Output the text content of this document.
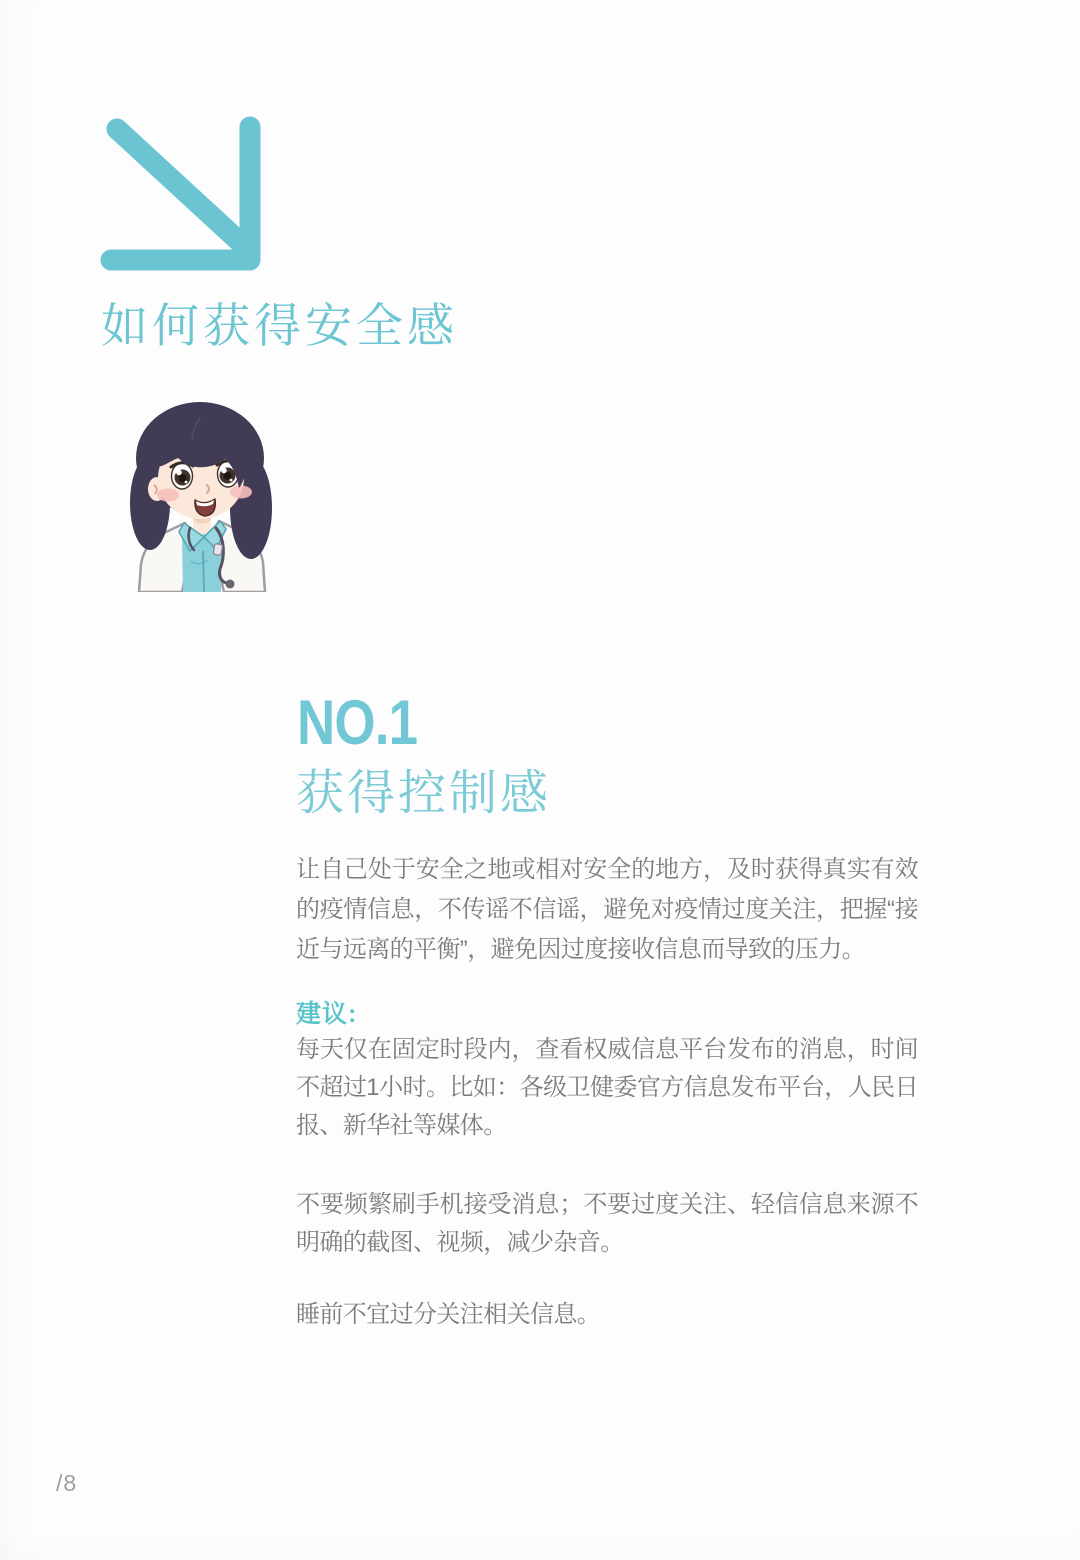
如何获得安全感
NO.1
获得控制感

让自己处于安全之地或相对安全的地方，及时获得真实有效的疫情信息，不传谣不信谣，避免对疫情过度关注，把握“接近与远离的平衡”，避免因过度接收信息而导致的压力。

建议:

每天仅在固定时段内，查看权威信息平台发布的消息，时间不超过1小时。比如：各级卫健委官方信息发布平台，人民日报、新华社等媒体。

不要频繁刷手机接受消息；不要过度关注、轻信信息来源不明确的截图、视频，减少杂音。

睡前不宜过分关注相关信息。

/8
